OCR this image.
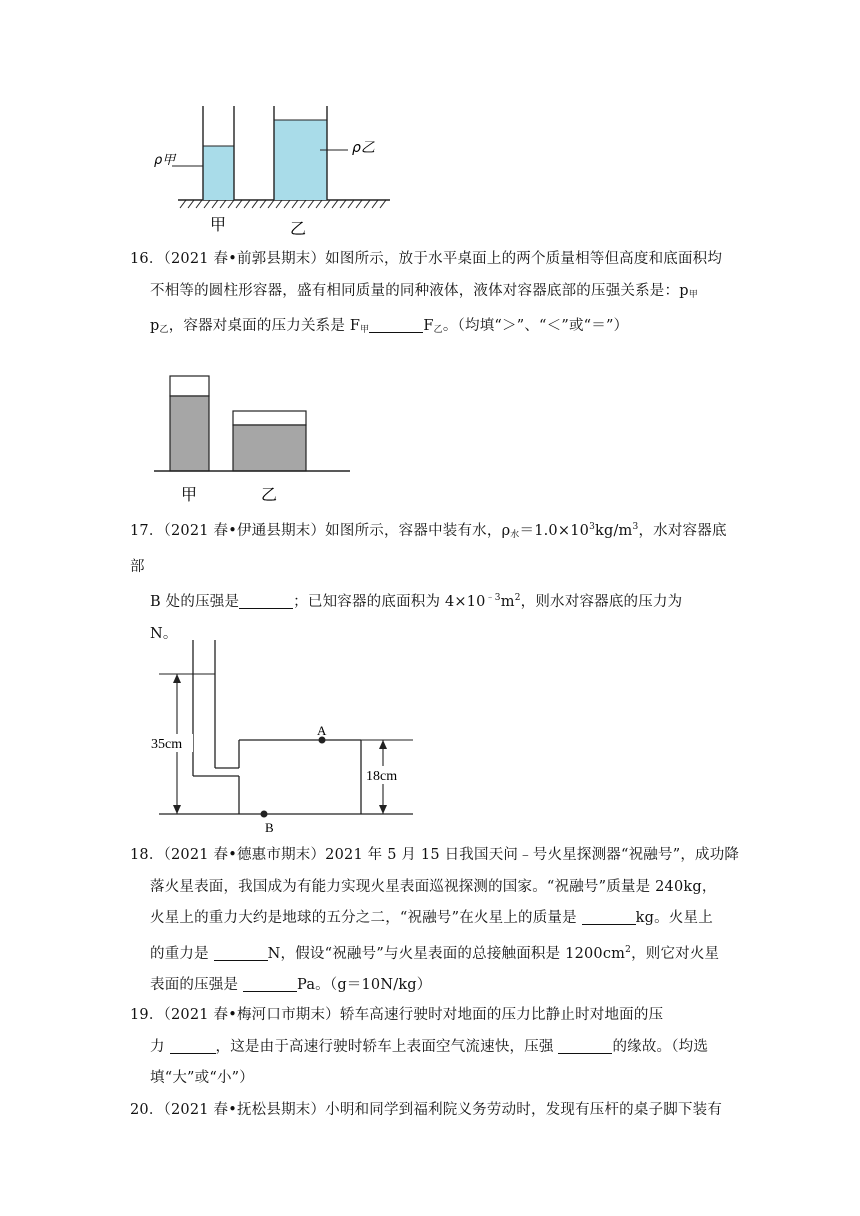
ρ甲
ρ乙
甲	乙

16．（2021 春•前郭县期末）如图所示，放于水平桌面上的两个质量相等但高度和底面积均

不相等的圆柱形容器，盛有相同质量的同种液体，液体对容器底部的压强关系是：$p_甲$

$p_乙$，容器对桌面的压力关系是 $F_甲$	$F_乙$。（均填“＞”、“＜”或“＝”）

甲	乙

17．（2021 春•伊通县期末）如图所示，容器中装有水，$\rho_水=1.0\times 10^3kg/m^3$，水对容器底部

B 处的压强是	；已知容器的底面积为 $4\times 10^{﹣3}m^2$，则水对容器底的压力为

N。

35cm
18cm
A
B

18．（2021 春•德惠市期末）2021 年 5 月 15 日我国天问﹣号火星探测器“祝融号”，成功降

落火星表面，我国成为有能力实现火星表面巡视探测的国家。“祝融号”质量是 240kg，

火星上的重力大约是地球的五分之二，“祝融号”在火星上的质量是	kg。火星上

的重力是	N，假设“祝融号”与火星表面的总接触面积是 $1200cm^2$，则它对火星

表面的压强是	Pa。（g＝10N/kg）

19．（2021 春•梅河口市期末）轿车高速行驶时对地面的压力比静止时对地面的压

力	，这是由于高速行驶时轿车上表面空气流速快，压强	的缘故。（均选

填“大”或“小”）

20．（2021 春•抚松县期末）小明和同学到福利院义务劳动时，发现有压杆的桌子脚下装有
